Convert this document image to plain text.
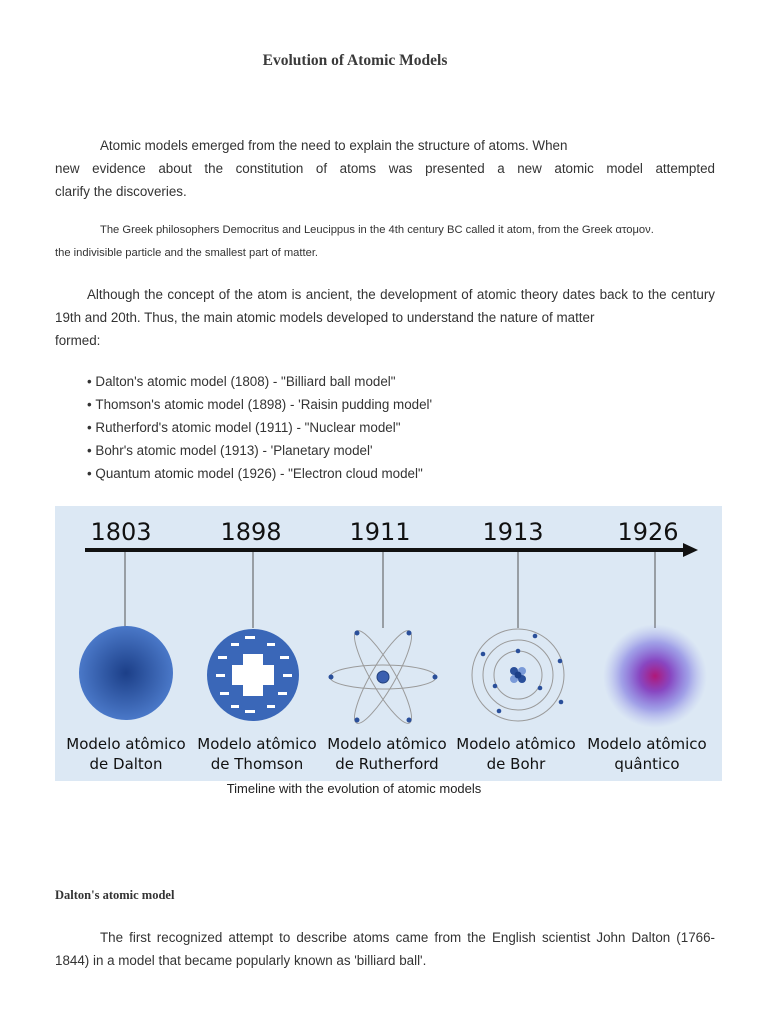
Evolution of Atomic Models
Atomic models emerged from the need to explain the structure of atoms. When
new evidence about the constitution of atoms was presented a new atomic model attempted
clarify the discoveries.
The Greek philosophers Democritus and Leucippus in the 4th century BC called it atom, from the Greek ατομον.
the indivisible particle and the smallest part of matter.
Although the concept of the atom is ancient, the development of atomic theory dates back to the century
19th and 20th. Thus, the main atomic models developed to understand the nature of matter
formed:
• Dalton's atomic model (1808) - "Billiard ball model"
• Thomson's atomic model (1898) - 'Raisin pudding model'
• Rutherford's atomic model (1911) - "Nuclear model"
• Bohr's atomic model (1913) - 'Planetary model'
• Quantum atomic model (1926) - "Electron cloud model"
1803	1898	1911	1913	1926
Modelo atômico
de Dalton
Modelo atômico
de Thomson
Modelo atômico
de Rutherford
Modelo atômico
de Bohr
Modelo atômico
quântico
Timeline with the evolution of atomic models
Dalton's atomic model
The first recognized attempt to describe atoms came from the English scientist John Dalton (1766-
1844) in a model that became popularly known as 'billiard ball'.
